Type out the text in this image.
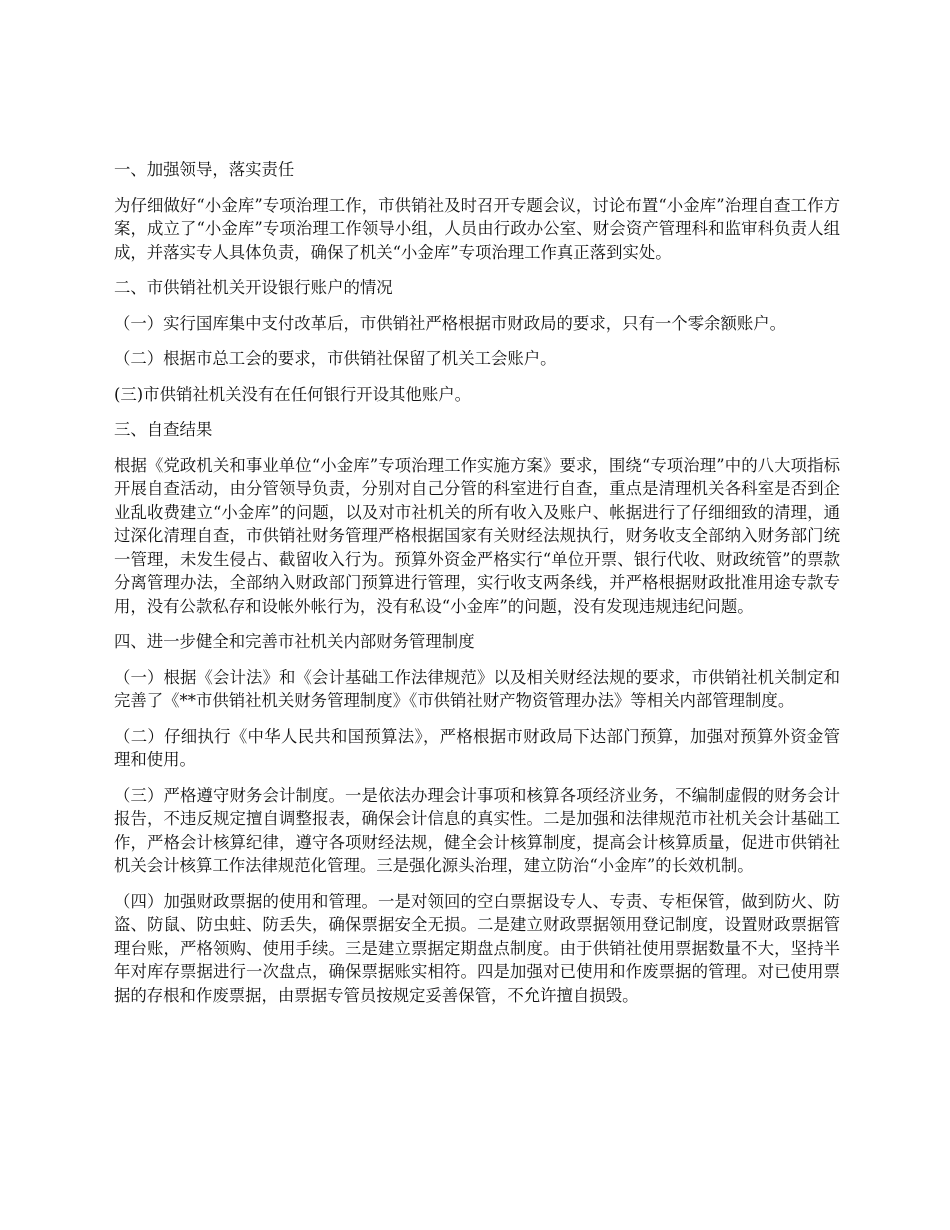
一、加强领导，落实责任

为仔细做好“小金库”专项治理工作，市供销社及时召开专题会议，讨论布置“小金库”治理自查工作方案，成立了“小金库”专项治理工作领导小组，人员由行政办公室、财会资产管理科和监审科负责人组成，并落实专人具体负责，确保了机关“小金库”专项治理工作真正落到实处。

二、市供销社机关开设银行账户的情况

（一）实行国库集中支付改革后，市供销社严格根据市财政局的要求，只有一个零余额账户。

（二）根据市总工会的要求，市供销社保留了机关工会账户。

(三)市供销社机关没有在任何银行开设其他账户。

三、自查结果

根据《党政机关和事业单位“小金库”专项治理工作实施方案》要求，围绕“专项治理”中的八大项指标开展自查活动，由分管领导负责，分别对自己分管的科室进行自查，重点是清理机关各科室是否到企业乱收费建立“小金库”的问题，以及对市社机关的所有收入及账户、帐据进行了仔细细致的清理，通过深化清理自查，市供销社财务管理严格根据国家有关财经法规执行，财务收支全部纳入财务部门统一管理，未发生侵占、截留收入行为。预算外资金严格实行“单位开票、银行代收、财政统管”的票款分离管理办法，全部纳入财政部门预算进行管理，实行收支两条线，并严格根据财政批准用途专款专用，没有公款私存和设帐外帐行为，没有私设“小金库”的问题，没有发现违规违纪问题。

四、进一步健全和完善市社机关内部财务管理制度

（一）根据《会计法》和《会计基础工作法律规范》以及相关财经法规的要求，市供销社机关制定和完善了《**市供销社机关财务管理制度》《市供销社财产物资管理办法》等相关内部管理制度。

（二）仔细执行《中华人民共和国预算法》，严格根据市财政局下达部门预算，加强对预算外资金管理和使用。

（三）严格遵守财务会计制度。一是依法办理会计事项和核算各项经济业务，不编制虚假的财务会计报告，不违反规定擅自调整报表，确保会计信息的真实性。二是加强和法律规范市社机关会计基础工作，严格会计核算纪律，遵守各项财经法规，健全会计核算制度，提高会计核算质量，促进市供销社机关会计核算工作法律规范化管理。三是强化源头治理，建立防治“小金库”的长效机制。

（四）加强财政票据的使用和管理。一是对领回的空白票据设专人、专责、专柜保管，做到防火、防盗、防鼠、防虫蛀、防丢失，确保票据安全无损。二是建立财政票据领用登记制度，设置财政票据管理台账，严格领购、使用手续。三是建立票据定期盘点制度。由于供销社使用票据数量不大，坚持半年对库存票据进行一次盘点，确保票据账实相符。四是加强对已使用和作废票据的管理。对已使用票据的存根和作废票据，由票据专管员按规定妥善保管，不允许擅自损毁。
